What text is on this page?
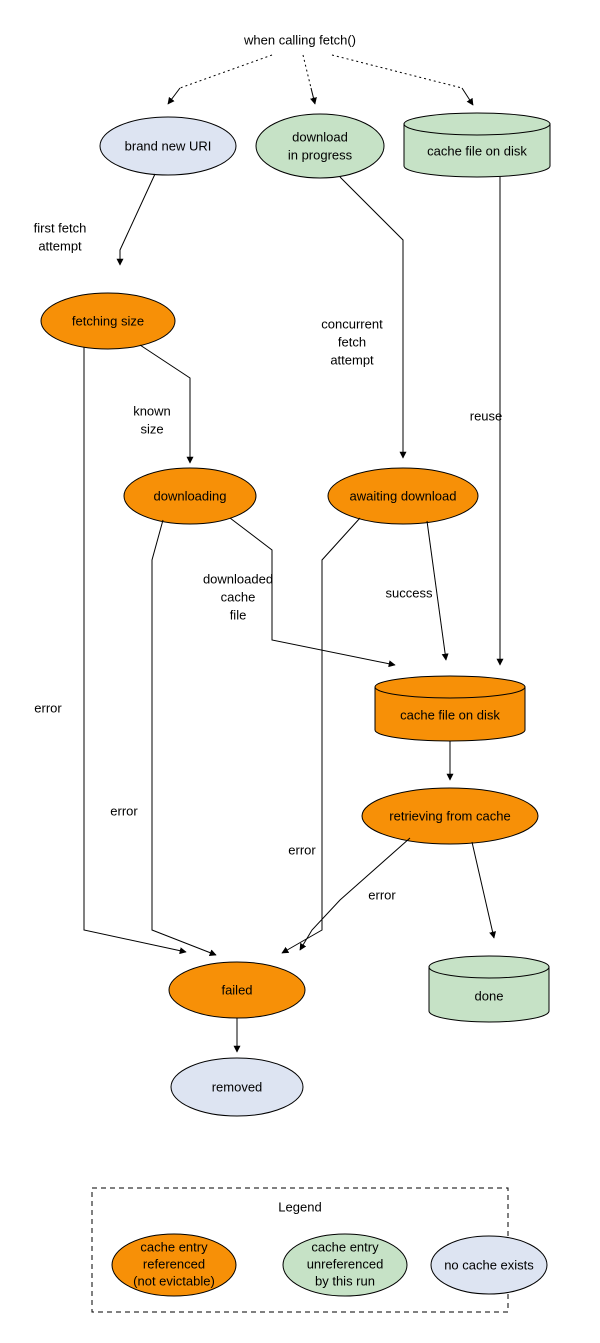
when calling fetch()
brand new URI
download
in progress	cache file on disk
first fetch
attempt
concurrent
fetch
attempt
reuse
fetching size
known
size
error
downloading	awaiting download
downloaded
cache
file
error
success
error
cache file on disk
retrieving from cache
error
failed
removed
done
Legend
cache entry
referenced
(not evictable)
cache entry
unreferenced
by this run
no cache exists
